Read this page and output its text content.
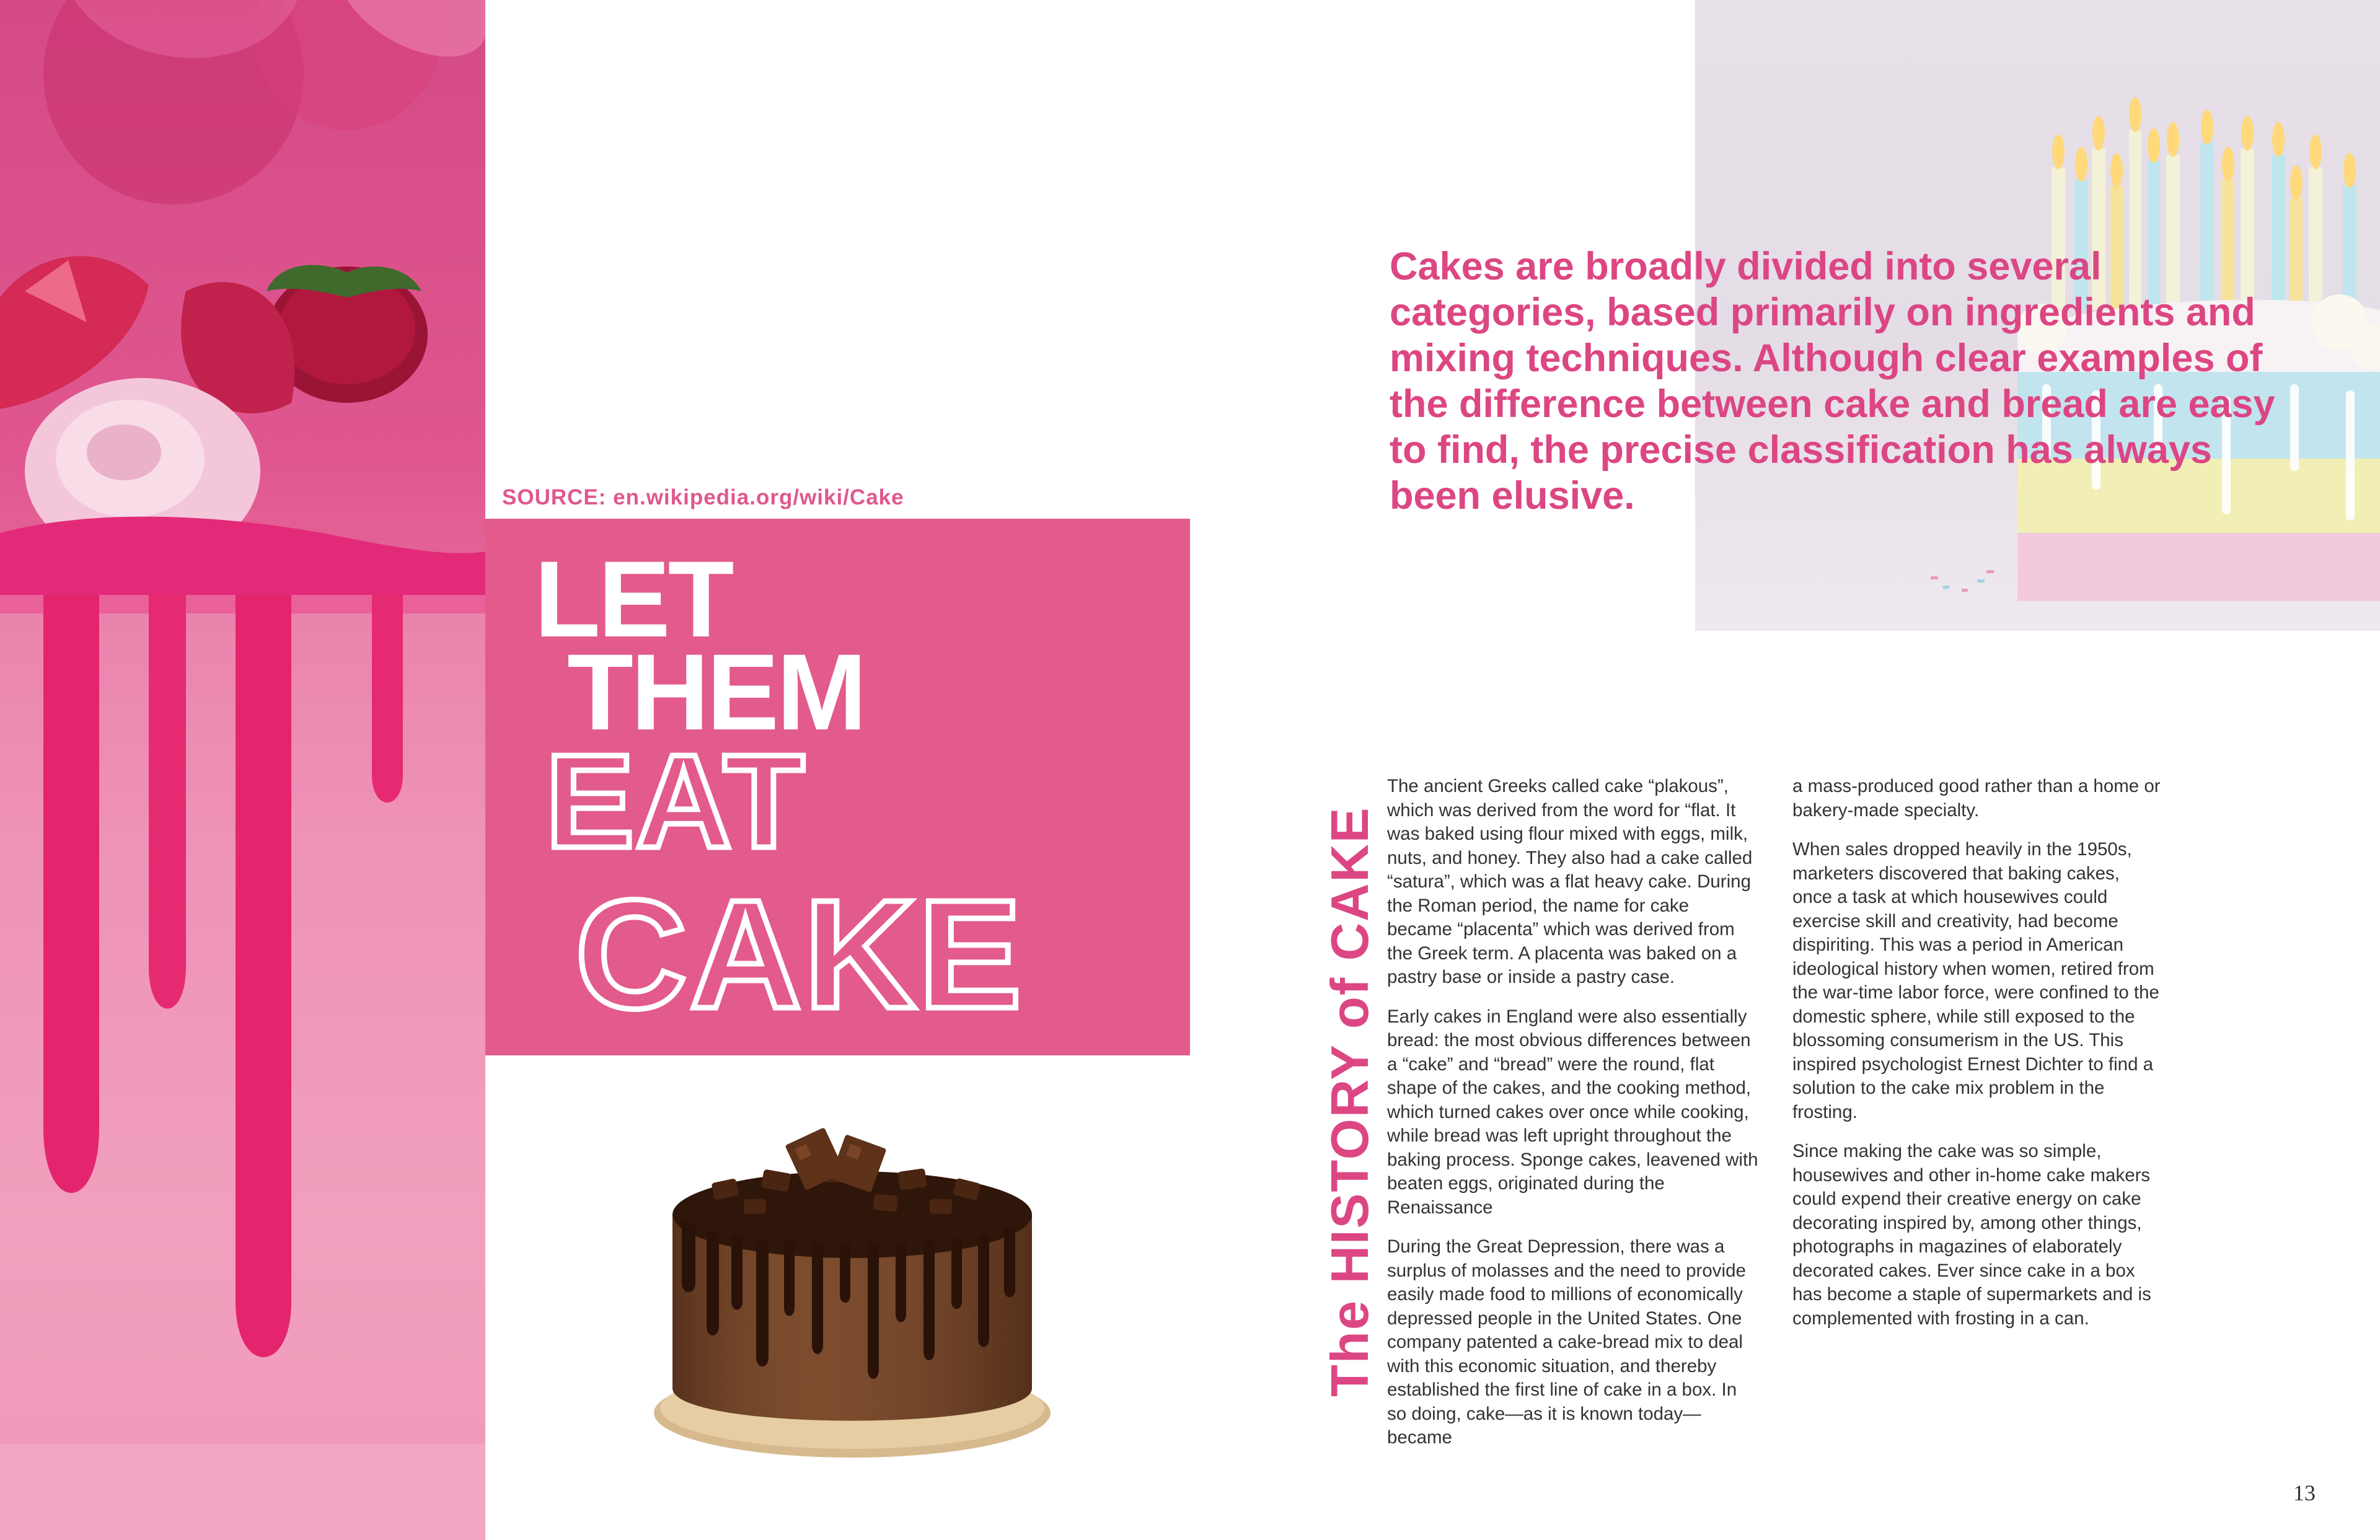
SOURCE: en.wikipedia.org/wiki/Cake
LET
THEM
EAT
CAKE
Cakes are broadly divided into several categories, based primarily on ingredients and mixing techniques. Although clear examples of the difference between cake and bread are easy to find, the precise classification has always been elusive.
The HISTORY of CAKE

The ancient Greeks called cake “plakous”, which was derived from the word for “flat. It was baked using flour mixed with eggs, milk, nuts, and honey. They also had a cake called “satura”, which was a flat heavy cake. During the Roman period, the name for cake became “placenta” which was derived from the Greek term. A placenta was baked on a pastry base or inside a pastry case.

Early cakes in England were also essentially bread: the most obvious differences between a “cake” and “bread” were the round, flat shape of the cakes, and the cooking method, which turned cakes over once while cooking, while bread was left upright throughout the baking process. Sponge cakes, leavened with beaten eggs, originated during the Renaissance

During the Great Depression, there was a surplus of molasses and the need to provide easily made food to millions of economically depressed people in the United States. One company patented a cake-bread mix to deal with this economic situation, and thereby established the first line of cake in a box. In so doing, cake—as it is known today—became

a mass-produced good rather than a home or bakery-made specialty.

When sales dropped heavily in the 1950s, marketers discovered that baking cakes, once a task at which housewives could exercise skill and creativity, had become dispiriting. This was a period in American ideological history when women, retired from the war-time labor force, were confined to the domestic sphere, while still exposed to the blossoming consumerism in the US. This inspired psychologist Ernest Dichter to find a solution to the cake mix problem in the frosting.

Since making the cake was so simple, housewives and other in-home cake makers could expend their creative energy on cake decorating inspired by, among other things, photographs in magazines of elaborately decorated cakes. Ever since cake in a box has become a staple of supermarkets and is complemented with frosting in a can.

13
